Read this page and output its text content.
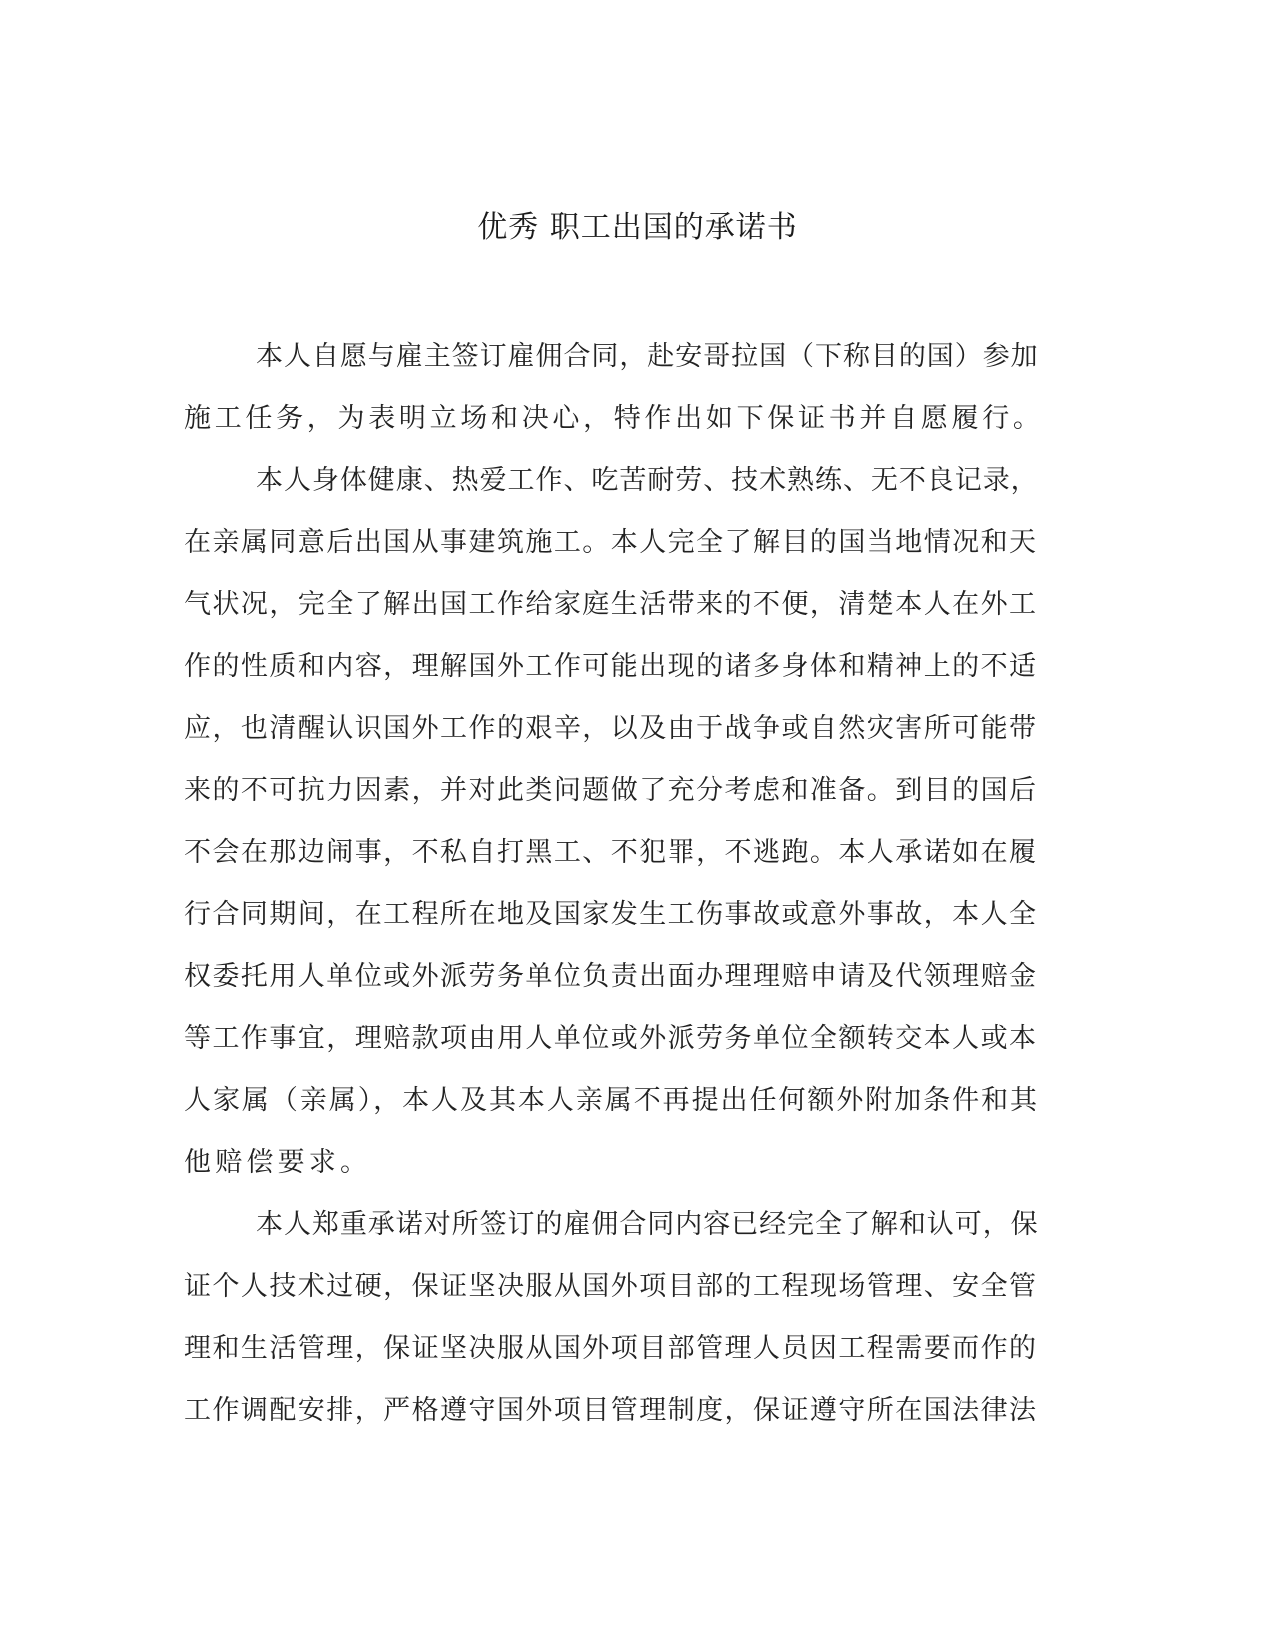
优秀 职工出国的承诺书
本人自愿与雇主签订雇佣合同，赴安哥拉国（下称目的国）参加
施工任务，为表明立场和决心，特作出如下保证书并自愿履行。
本人身体健康、热爱工作、吃苦耐劳、技术熟练、无不良记录，
在亲属同意后出国从事建筑施工。本人完全了解目的国当地情况和天
气状况，完全了解出国工作给家庭生活带来的不便，清楚本人在外工
作的性质和内容，理解国外工作可能出现的诸多身体和精神上的不适
应，也清醒认识国外工作的艰辛，以及由于战争或自然灾害所可能带
来的不可抗力因素，并对此类问题做了充分考虑和准备。到目的国后
不会在那边闹事，不私自打黑工、不犯罪，不逃跑。本人承诺如在履
行合同期间，在工程所在地及国家发生工伤事故或意外事故，本人全
权委托用人单位或外派劳务单位负责出面办理理赔申请及代领理赔金
等工作事宜，理赔款项由用人单位或外派劳务单位全额转交本人或本
人家属（亲属），本人及其本人亲属不再提出任何额外附加条件和其
他赔偿要求。
本人郑重承诺对所签订的雇佣合同内容已经完全了解和认可，保
证个人技术过硬，保证坚决服从国外项目部的工程现场管理、安全管
理和生活管理，保证坚决服从国外项目部管理人员因工程需要而作的
工作调配安排，严格遵守国外项目管理制度，保证遵守所在国法律法
